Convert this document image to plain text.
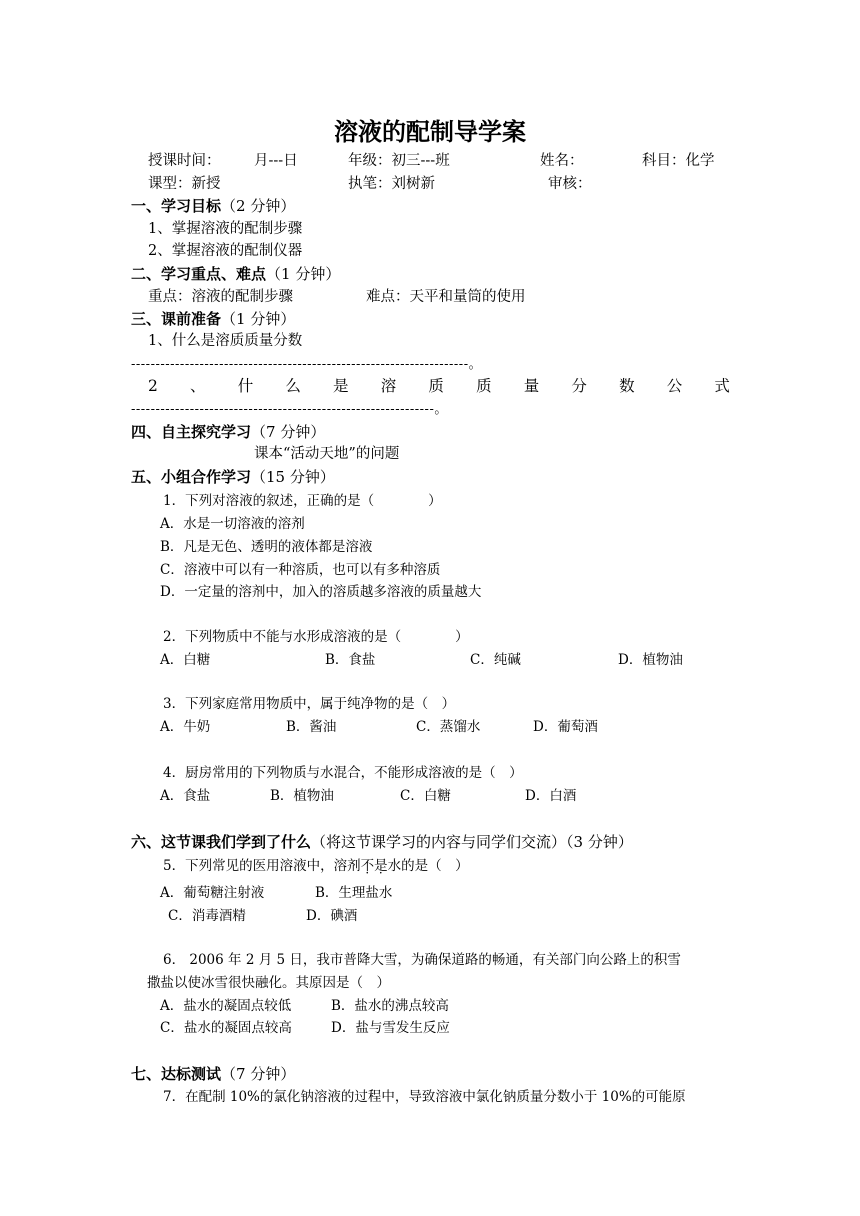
溶液的配制导学案
授课时间： 月---日	年级：初三---班	姓名：	科目：化学
课型：新授	执笔：刘树新	审核：
一、学习目标（2 分钟）
1、掌握溶液的配制步骤
2、掌握溶液的配制仪器
二、学习重点、难点（1 分钟）
重点：溶液的配制步骤	难点：天平和量筒的使用
三、课前准备（1 分钟）
1、什么是溶质质量分数
---------------------------------------------------------------------。
2 、 什 么 是 溶 质 质 量 分 数 公 式
--------------------------------------------------------------。
四、自主探究学习（7 分钟）
课本“活动天地”的问题
五、小组合作学习（15 分钟）
1．下列对溶液的叙述，正确的是（　　　　）
A．水是一切溶液的溶剂
B．凡是无色、透明的液体都是溶液
C．溶液中可以有一种溶质，也可以有多种溶质
D．一定量的溶剂中，加入的溶质越多溶液的质量越大
2．下列物质中不能与水形成溶液的是（　　　　）
A．白糖	B．食盐	C．纯碱	D．植物油
3．下列家庭常用物质中，属于纯净物的是（　）
A．牛奶	B．酱油	C．蒸馏水	D．葡萄酒
4．厨房常用的下列物质与水混合，不能形成溶液的是（　）
A．食盐	B．植物油	C．白糖	D．白酒
六、这节课我们学到了什么（将这节课学习的内容与同学们交流）（3 分钟）
5．下列常见的医用溶液中，溶剂不是水的是（　）
A．葡萄糖注射液	B．生理盐水
C．消毒酒精	D．碘酒
6． 2006 年 2 月 5 日，我市普降大雪，为确保道路的畅通，有关部门向公路上的积雪
撒盐以使冰雪很快融化。其原因是（　）
A．盐水的凝固点较低	B．盐水的沸点较高
C．盐水的凝固点较高	D．盐与雪发生反应
七、达标测试（7 分钟）
7．在配制 10%的氯化钠溶液的过程中，导致溶液中氯化钠质量分数小于 10%的可能原
